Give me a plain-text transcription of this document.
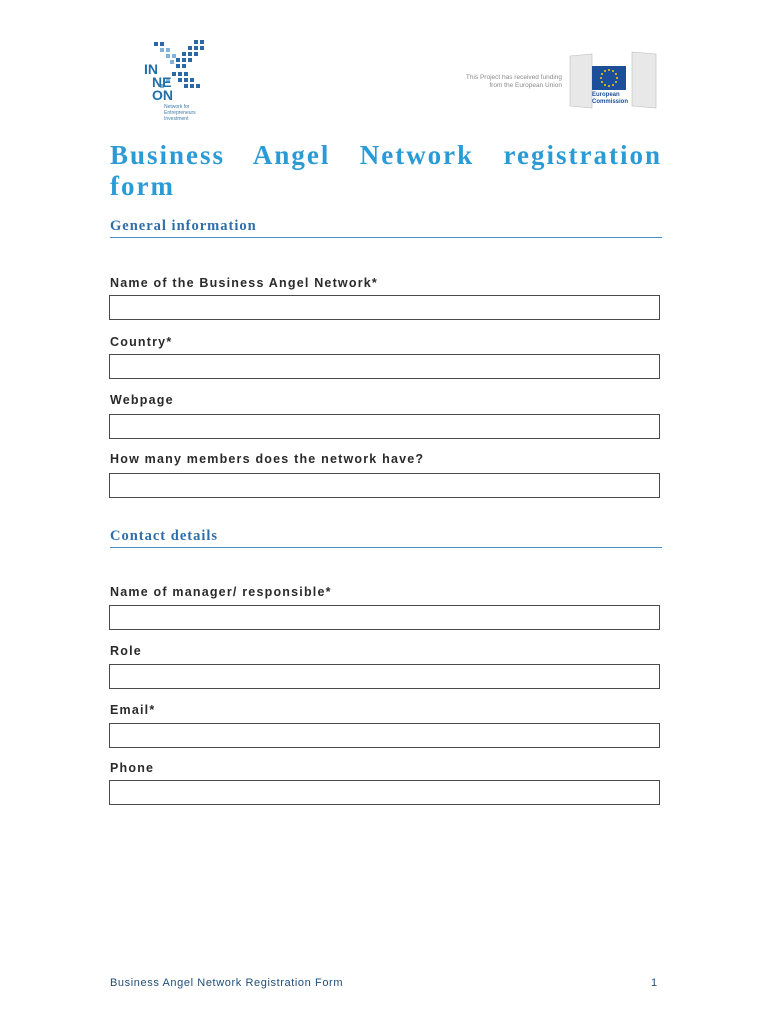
IN
NE
ON
Network for
Entrepreneurs
Investment
This Project has received funding
from the European Union
European
Commission
Business Angel Network registration form
General information
Name of the Business Angel Network*
Country*
Webpage
How many members does the network have?
Contact details
Name of manager/ responsible*
Role
Email*
Phone
Business Angel Network Registration Form	1
